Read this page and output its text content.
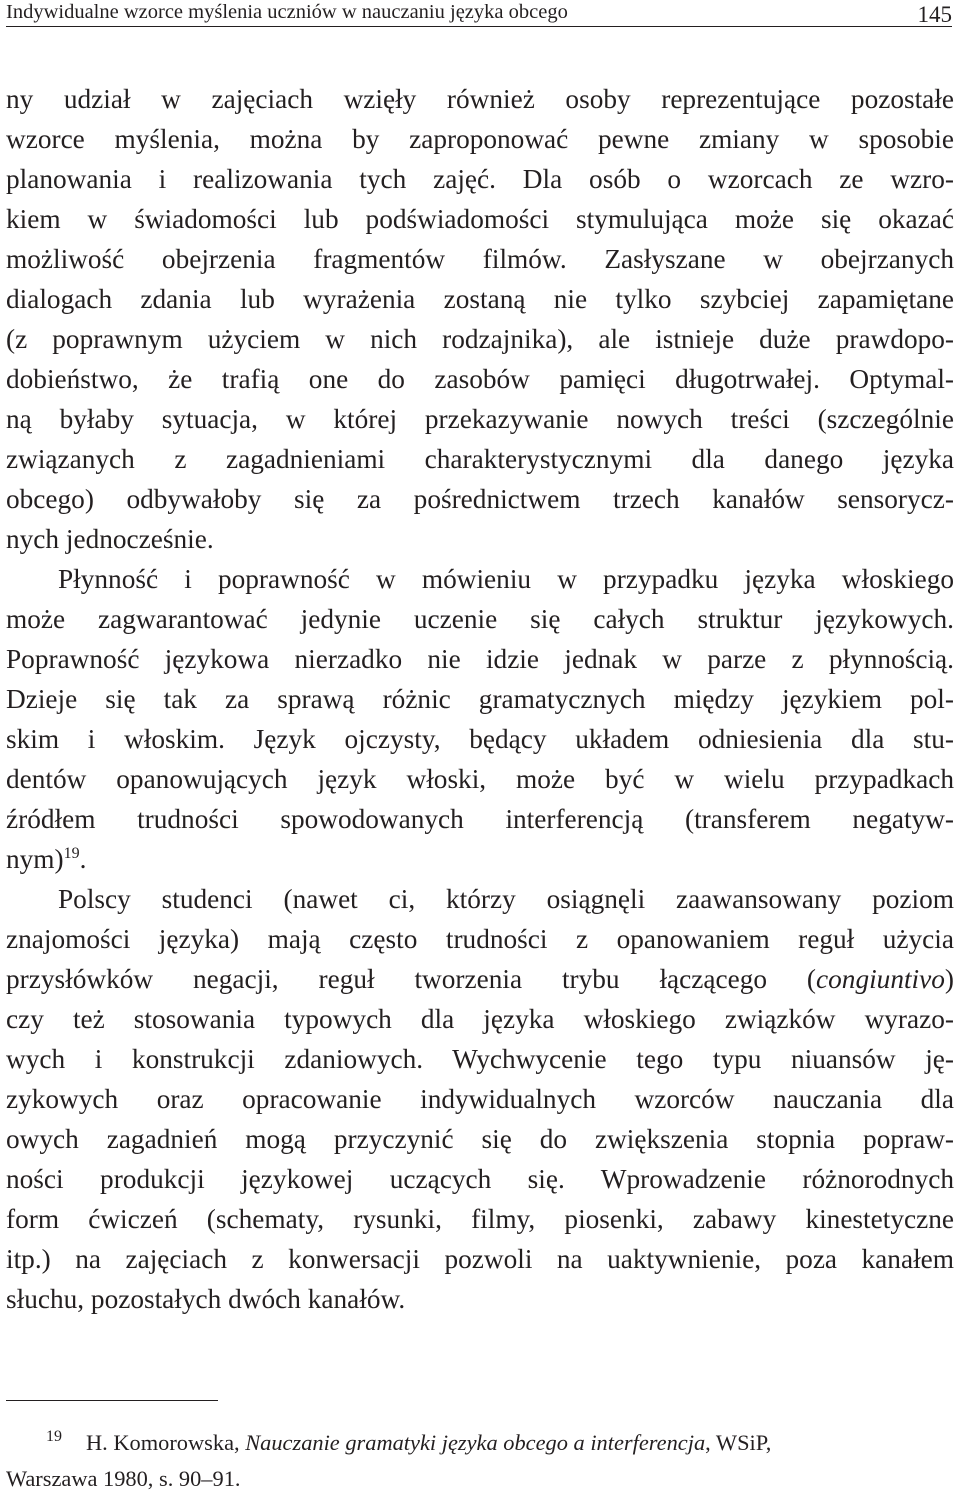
Indywidualne wzorce myślenia uczniów w nauczaniu języka obcego	145
ny udział w zajęciach wzięły również osoby reprezentujące pozostałe
wzorce myślenia, można by zaproponować pewne zmiany w sposobie
planowania i realizowania tych zajęć. Dla osób o wzorcach ze wzro-
kiem w świadomości lub podświadomości stymulująca może się okazać
możliwość obejrzenia fragmentów filmów. Zasłyszane w obejrzanych
dialogach zdania lub wyrażenia zostaną nie tylko szybciej zapamiętane
(z poprawnym użyciem w nich rodzajnika), ale istnieje duże prawdopo-
dobieństwo, że trafią one do zasobów pamięci długotrwałej. Optymal-
ną byłaby sytuacja, w której przekazywanie nowych treści (szczególnie
związanych z zagadnieniami charakterystycznymi dla danego języka
obcego) odbywałoby się za pośrednictwem trzech kanałów sensorycz-
nych jednocześnie.
Płynność i poprawność w mówieniu w przypadku języka włoskiego
może zagwarantować jedynie uczenie się całych struktur językowych.
Poprawność językowa nierzadko nie idzie jednak w parze z płynnością.
Dzieje się tak za sprawą różnic gramatycznych między językiem pol-
skim i włoskim. Język ojczysty, będący układem odniesienia dla stu-
dentów opanowujących język włoski, może być w wielu przypadkach
źródłem trudności spowodowanych interferencją (transferem negatyw-
nym)$^{19}$.
Polscy studenci (nawet ci, którzy osiągnęli zaawansowany poziom
znajomości języka) mają często trudności z opanowaniem reguł użycia
przysłówków negacji, reguł tworzenia trybu łączącego (congiuntivo)
czy też stosowania typowych dla języka włoskiego związków wyrazo-
wych i konstrukcji zdaniowych. Wychwycenie tego typu niuansów ję-
zykowych oraz opracowanie indywidualnych wzorców nauczania dla
owych zagadnień mogą przyczynić się do zwiększenia stopnia popraw-
ności produkcji językowej uczących się. Wprowadzenie różnorodnych
form ćwiczeń (schematy, rysunki, filmy, piosenki, zabawy kinestetyczne
itp.) na zajęciach z konwersacji pozwoli na uaktywnienie, poza kanałem
słuchu, pozostałych dwóch kanałów.
19 H. Komorowska, Nauczanie gramatyki języka obcego a interferencja, WSiP,
Warszawa 1980, s. 90–91.
